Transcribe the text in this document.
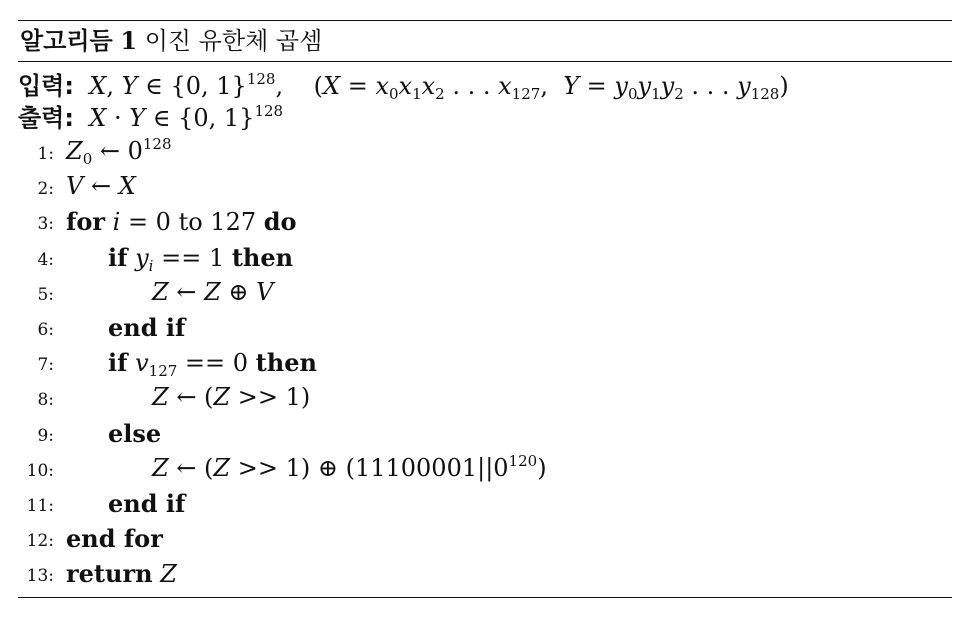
알고리듬 1 이진 유한체 곱셈
입력: X, Y ∈ {0, 1}$^{128}$,    ($X = x_0x_1x_2$ . . . $x_{127}$,  $Y = y_0y_1y_2$ . . . $y_{128}$)
출력: X · Y ∈ {0, 1}$^{128}$
1: $Z_0$ ← $0^{128}$
2: V ← X
3: for i = 0 to 127 do
4: if $y_i == 1$ then
5:	Z ← Z ⊕ V
6: end if
7: if $v_{127} == 0$ then
8:	Z ← (Z >> 1)
9: else
10:	Z ← (Z >> 1) ⊕ $(11100001||0^{120})$
11: end if
12: end for
13: return Z
